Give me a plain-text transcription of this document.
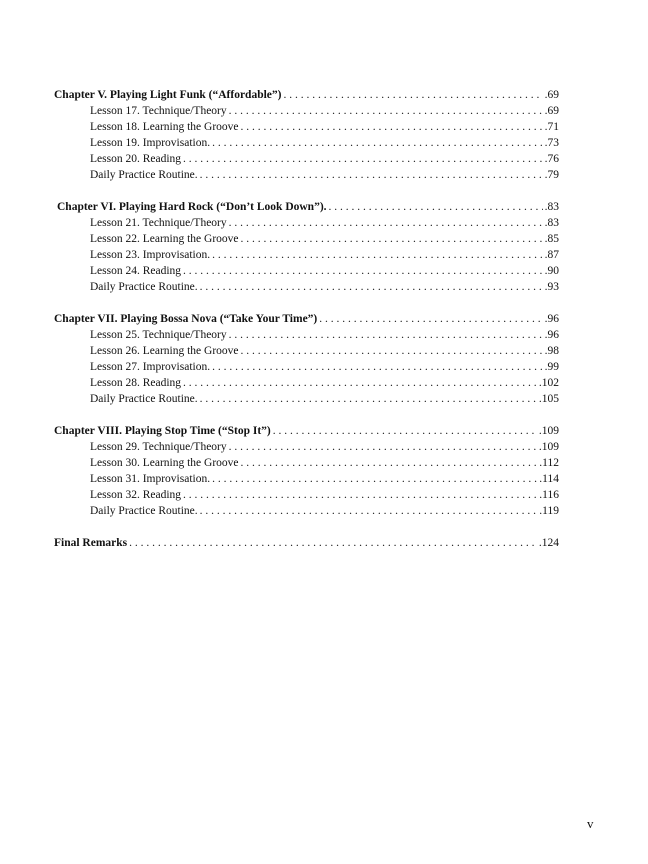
Chapter V. Playing Light Funk (“Affordable”) . . .	.69
Lesson 17. Technique/Theory . . .	.69
Lesson 18. Learning the Groove . . .	.71
Lesson 19. Improvisation. . . .	.73
Lesson 20. Reading . . .	.76
Daily Practice Routine. . . .	.79
Chapter VI. Playing Hard Rock (“Don’t Look Down”). . . .	.83
Lesson 21. Technique/Theory . . .	.83
Lesson 22. Learning the Groove . . .	.85
Lesson 23. Improvisation. . . .	.87
Lesson 24. Reading . . .	.90
Daily Practice Routine. . . .	.93
Chapter VII. Playing Bossa Nova (“Take Your Time”) . . .	.96
Lesson 25. Technique/Theory . . .	.96
Lesson 26. Learning the Groove . . .	.98
Lesson 27. Improvisation. . . .	.99
Lesson 28. Reading . . .	.102
Daily Practice Routine. . . .	.105
Chapter VIII. Playing Stop Time (“Stop It”) . . .	.109
Lesson 29. Technique/Theory . . .	.109
Lesson 30. Learning the Groove . . .	.112
Lesson 31. Improvisation. . . .	.114
Lesson 32. Reading . . .	.116
Daily Practice Routine. . . .	.119
Final Remarks . . .	.124
v
